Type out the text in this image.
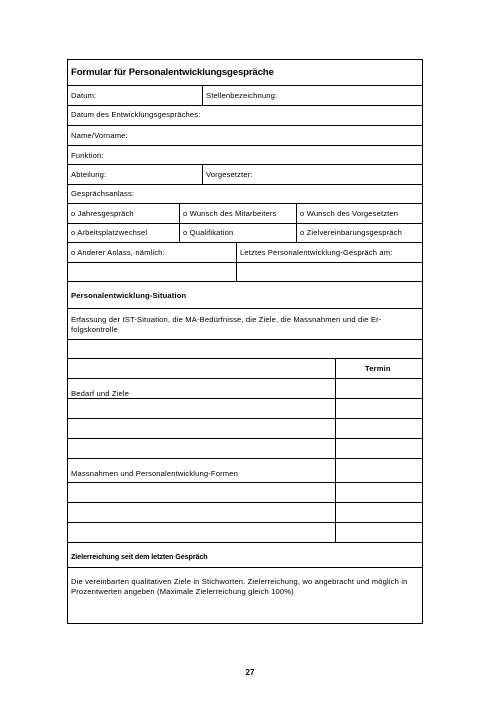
Formular für Personalentwicklungsgespräche
Datum:	Stellenbezeichnung:
Datum des Entwicklungsgespräches:
Name/Vorname:
Funktion:
Abteilung:	Vorgesetzter:
Gesprächsanlass:
o Jahresgespräch	o Wunsch des Mitarbeiters	o Wunsch des Vorgesetzten
o Arbeitsplatzwechsel	o Qualifikation	o Zielvereinbarungsgespräch
o Anderer Anlass, nämlich:	Letztes Personalentwicklung-Gespräch am:
Personalentwicklung-Situation
Erfassung der IST-Situation, die MA-Bedürfnisse, die Ziele, die Massnahmen und die Er-folgskontrolle
Termin
Bedarf und Ziele
Massnahmen und Personalentwicklung-Formen
Zielerreichung seit dem letzten Gespräch
Die vereinbarten qualitativen Ziele in Stichworten. Zielerreichung, wo angebracht und möglich in Prozentwerten angeben (Maximale Zielerreichung gleich 100%)
27
